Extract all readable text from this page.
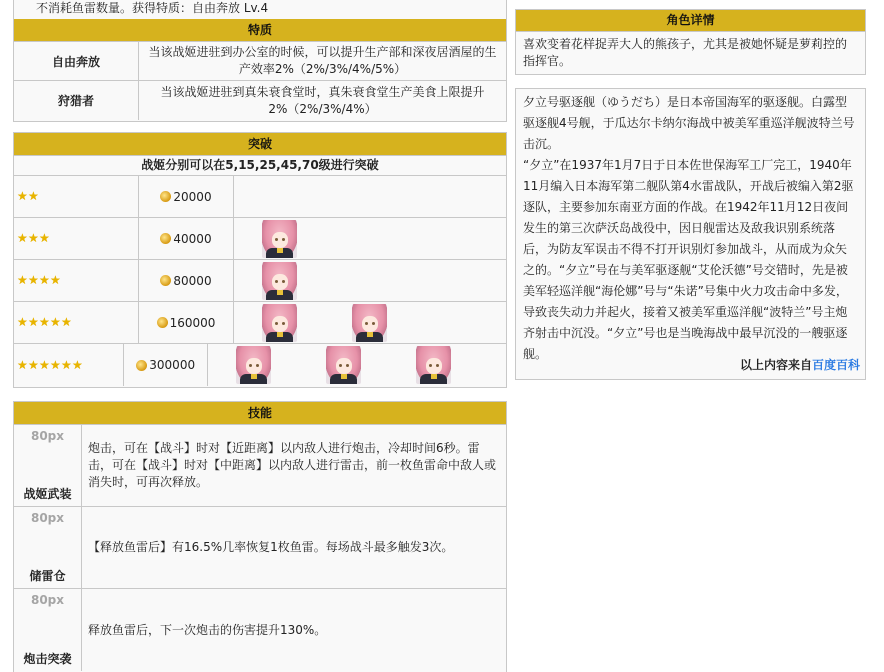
不消耗鱼雷数量。获得特质：自由奔放 Lv.4
特质
自由奔放
当该战姬进驻到办公室的时候，可以提升生产部和深夜居酒屋的生产效率2%（2%/3%/4%/5%）
狩猎者
当该战姬进驻到真朱衰食堂时，真朱衰食堂生产美食上限提升2%（2%/3%/4%）
突破
战姬分别可以在5,15,25,45,70级进行突破
★ ★	20000
★ ★ ★	40000
★ ★ ★ ★	80000
★ ★ ★ ★ ★	160000
★ ★ ★ ★ ★ ★	300000
技能
80px
战姬武装
炮击，可在【战斗】时对【近距离】以内敌人进行炮击，冷却时间6秒。雷击，可在【战斗】时对【中距离】以内敌人进行雷击，前一枚鱼雷命中敌人或消失时，可再次释放。
80px
储雷仓
【释放鱼雷后】有16.5%几率恢复1枚鱼雷。每场战斗最多触发3次。
80px
炮击突袭
释放鱼雷后，下一次炮击的伤害提升130%。
角色详情
喜欢变着花样捉弄大人的熊孩子，尤其是被她怀疑是萝莉控的指挥官。

夕立号驱逐舰（ゆうだち）是日本帝国海军的驱逐舰。白露型驱逐舰4号舰，于瓜达尔卡纳尔海战中被美军重巡洋舰波特兰号击沉。

“夕立”在1937年1月7日于日本佐世保海军工厂完工，1940年11月编入日本海军第二舰队第4水雷战队，开战后被编入第2驱逐队，主要参加东南亚方面的作战。在1942年11月12日夜间发生的第三次萨沃岛战役中，因日舰雷达及敌我识别系统落后，为防友军误击不得不打开识别灯参加战斗，从而成为众矢之的。“夕立”号在与美军驱逐舰“艾伦沃德”号交错时，先是被美军轻巡洋舰“海伦娜”号与“朱诺”号集中火力攻击命中多发，导致丧失动力并起火，接着又被美军重巡洋舰“波特兰”号主炮齐射击中沉没。“夕立”号也是当晚海战中最早沉没的一艘驱逐舰。

以上内容来自百度百科
